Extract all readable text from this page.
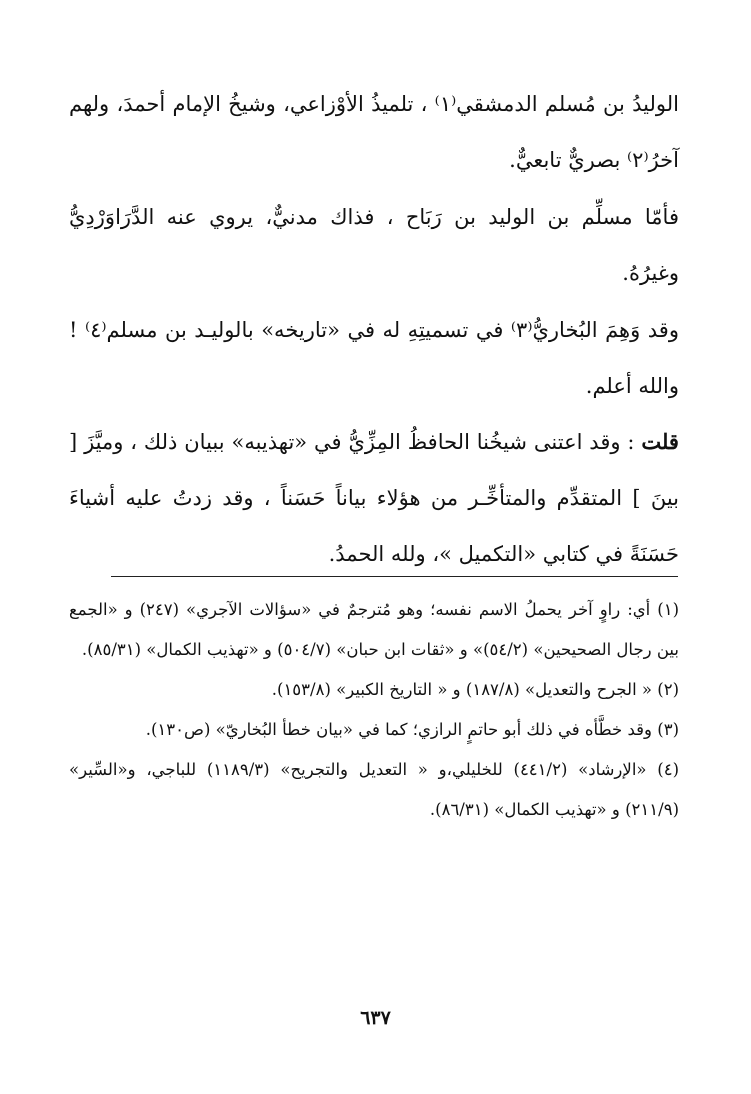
الوليدُ بن مُسلم الدمشقي⁽١⁾ ، تلميذُ الأوْزاعي، وشيخُ الإمام أحمدَ، ولهم آخرُ⁽٢⁾ بصريٌّ تابعيٌّ.

فأمّا مسلِّم بن الوليد بن رَبَاح ، فذاك مدنيٌّ، يروي عنه الدَّرَاوَرْدِيُّ وغيرُهُ.

وقد وَهِمَ البُخاريُّ⁽٣⁾ في تسميتِهِ له في «تاريخه» بالوليـد بن مسلم⁽٤⁾ ! والله أعلم.

قلت : وقد اعتنى شيخُنا الحافظُ المِزِّيُّ في «تهذيبه» ببيان ذلك ، وميَّزَ [ بينَ ] المتقدِّم والمتأخِّـر من هؤلاء بياناً حَسَناً ، وقد زدتُ عليه أشياءَ حَسَنَةً في كتابي «التكميل »، ولله الحمدُ.

(١) أي: راوٍ آخر يحملُ الاسم نفسه؛ وهو مُترجمٌ في «سؤالات الآجري» (٢٤٧) و «الجمع بين رجال الصحيحين» (٥٤/٢)» و «ثقات ابن حبان» (٥٠٤/٧) و «تهذيب الكمال» (٨٥/٣١).

(٢) « الجرح والتعديل» (١٨٧/٨) و « التاريخ الكبير» (١٥٣/٨).

(٣) وقد خطَّأه في ذلك أبو حاتمٍ الرازي؛ كما في «بيان خطأ البُخاريّ» (ص١٣٠).

(٤) «الإرشاد» (٤٤١/٢) للخليلي،و « التعديل والتجريح» (١١٨٩/٣) للباجي، و«السِّير» (٢١١/٩) و «تهذيب الكمال» (٨٦/٣١).

٦٣٧
